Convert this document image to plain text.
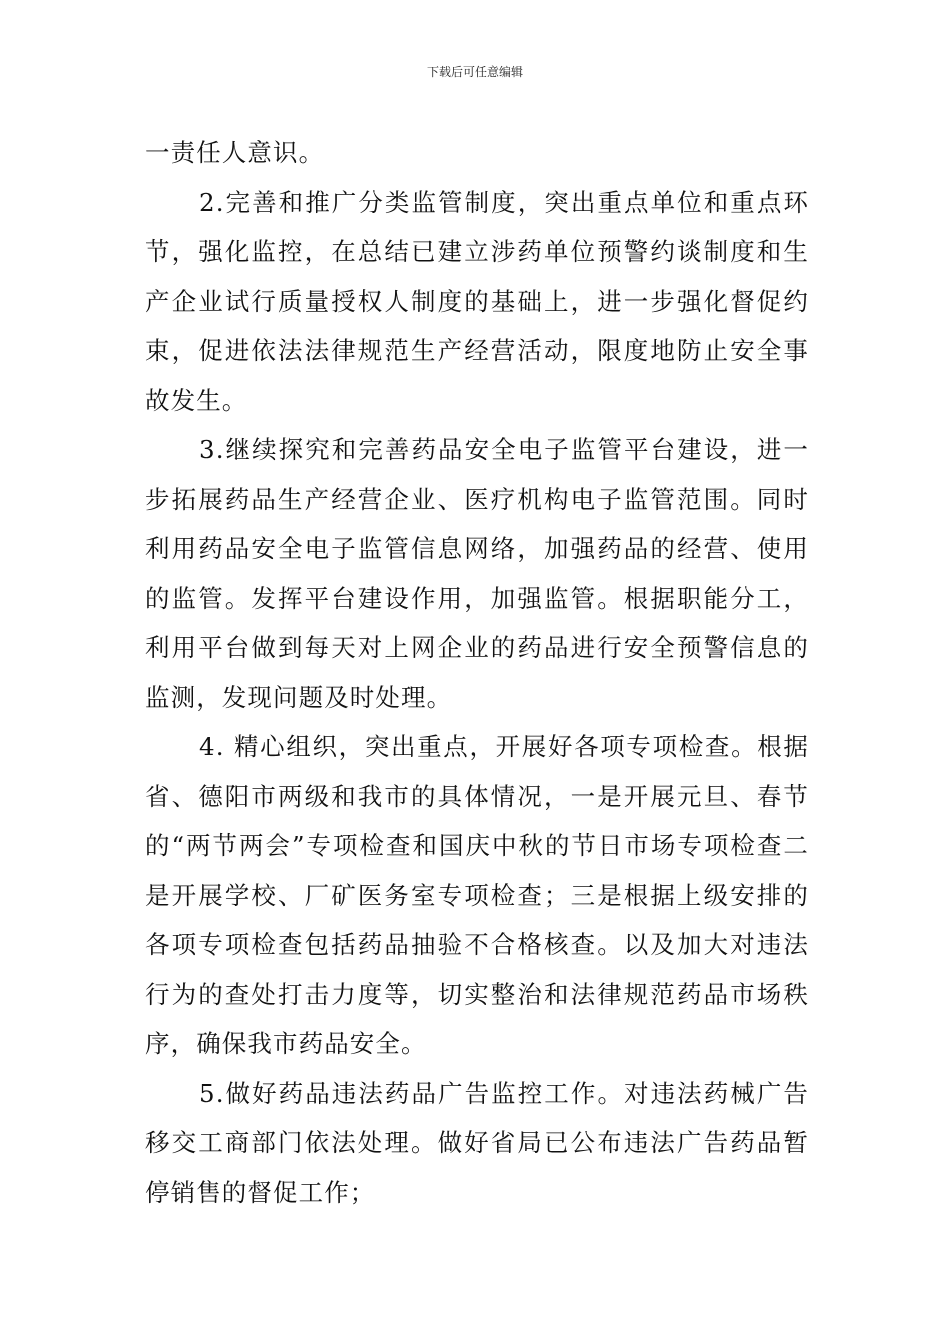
下载后可任意编辑

一责任人意识。

2.完善和推广分类监管制度，突出重点单位和重点环节，强化监控，在总结已建立涉药单位预警约谈制度和生产企业试行质量授权人制度的基础上，进一步强化督促约束，促进依法法律规范生产经营活动，限度地防止安全事故发生。

3.继续探究和完善药品安全电子监管平台建设，进一步拓展药品生产经营企业、医疗机构电子监管范围。同时利用药品安全电子监管信息网络，加强药品的经营、使用的监管。发挥平台建设作用，加强监管。根据职能分工，利用平台做到每天对上网企业的药品进行安全预警信息的监测，发现问题及时处理。

4. 精心组织，突出重点，开展好各项专项检查。根据省、德阳市两级和我市的具体情况，一是开展元旦、春节的“两节两会”专项检查和国庆中秋的节日市场专项检查二是开展学校、厂矿医务室专项检查；三是根据上级安排的各项专项检查包括药品抽验不合格核查。以及加大对违法行为的查处打击力度等，切实整治和法律规范药品市场秩序，确保我市药品安全。

5.做好药品违法药品广告监控工作。对违法药械广告移交工商部门依法处理。做好省局已公布违法广告药品暂停销售的督促工作；
